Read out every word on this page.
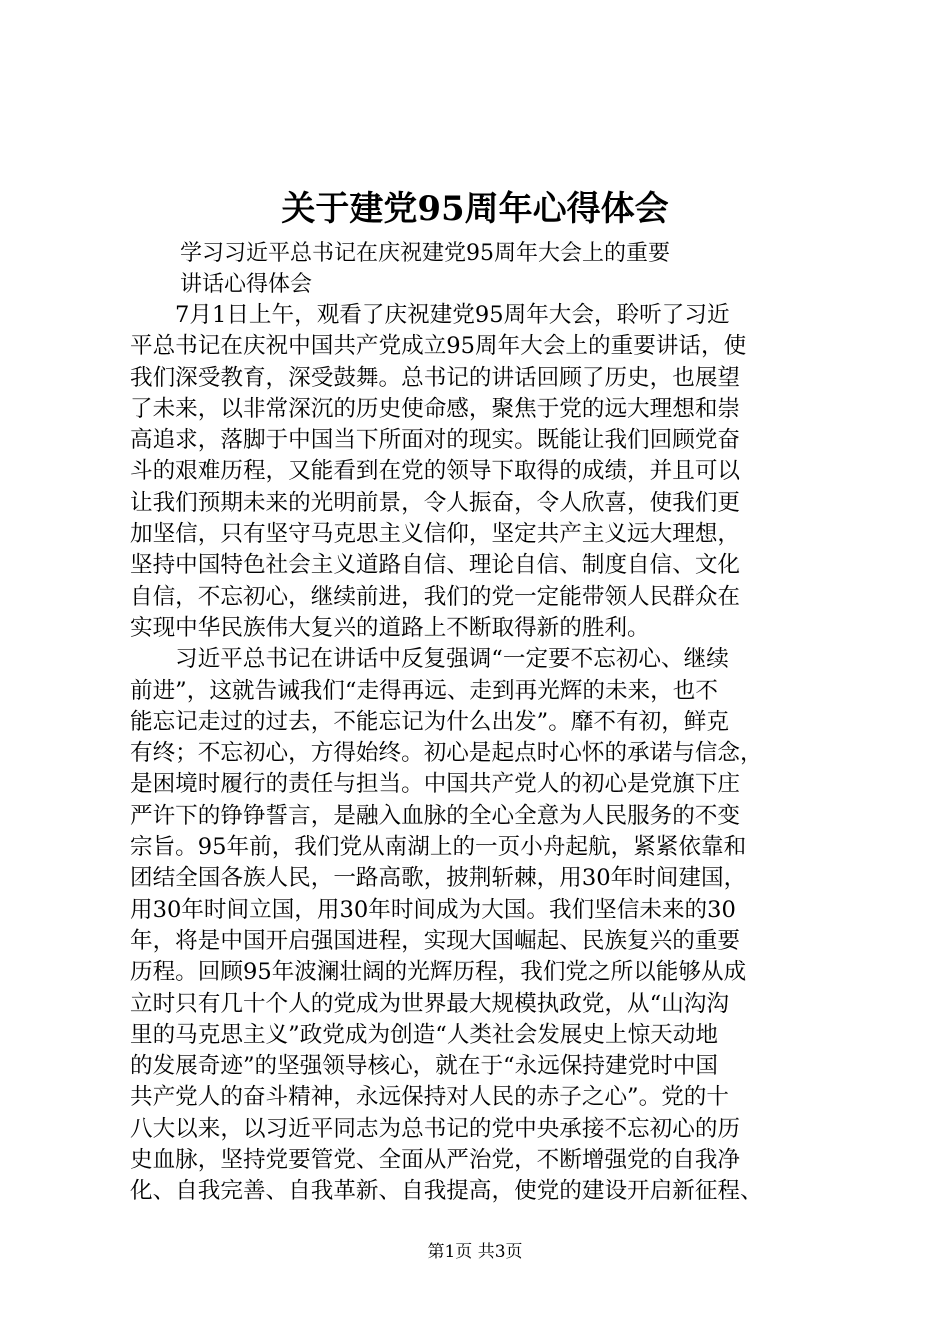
关于建党95周年心得体会
学习习近平总书记在庆祝建党95周年大会上的重要
讲话心得体会
7月1日上午，观看了庆祝建党95周年大会，聆听了习近
平总书记在庆祝中国共产党成立95周年大会上的重要讲话，使
我们深受教育，深受鼓舞。总书记的讲话回顾了历史，也展望
了未来，以非常深沉的历史使命感，聚焦于党的远大理想和崇
高追求，落脚于中国当下所面对的现实。既能让我们回顾党奋
斗的艰难历程，又能看到在党的领导下取得的成绩，并且可以
让我们预期未来的光明前景，令人振奋，令人欣喜，使我们更
加坚信，只有坚守马克思主义信仰，坚定共产主义远大理想，
坚持中国特色社会主义道路自信、理论自信、制度自信、文化
自信，不忘初心，继续前进，我们的党一定能带领人民群众在
实现中华民族伟大复兴的道路上不断取得新的胜利。
习近平总书记在讲话中反复强调“一定要不忘初心、继续
前进”，这就告诫我们“走得再远、走到再光辉的未来，也不
能忘记走过的过去，不能忘记为什么出发”。靡不有初，鲜克
有终；不忘初心，方得始终。初心是起点时心怀的承诺与信念，
是困境时履行的责任与担当。中国共产党人的初心是党旗下庄
严许下的铮铮誓言，是融入血脉的全心全意为人民服务的不变
宗旨。95年前，我们党从南湖上的一页小舟起航，紧紧依靠和
团结全国各族人民，一路高歌，披荆斩棘，用30年时间建国，
用30年时间立国，用30年时间成为大国。我们坚信未来的30
年，将是中国开启强国进程，实现大国崛起、民族复兴的重要
历程。回顾95年波澜壮阔的光辉历程，我们党之所以能够从成
立时只有几十个人的党成为世界最大规模执政党，从“山沟沟
里的马克思主义”政党成为创造“人类社会发展史上惊天动地
的发展奇迹”的坚强领导核心，就在于“永远保持建党时中国
共产党人的奋斗精神，永远保持对人民的赤子之心”。党的十
八大以来，以习近平同志为总书记的党中央承接不忘初心的历
史血脉，坚持党要管党、全面从严治党，不断增强党的自我净
化、自我完善、自我革新、自我提高，使党的建设开启新征程、
第1页 共3页
